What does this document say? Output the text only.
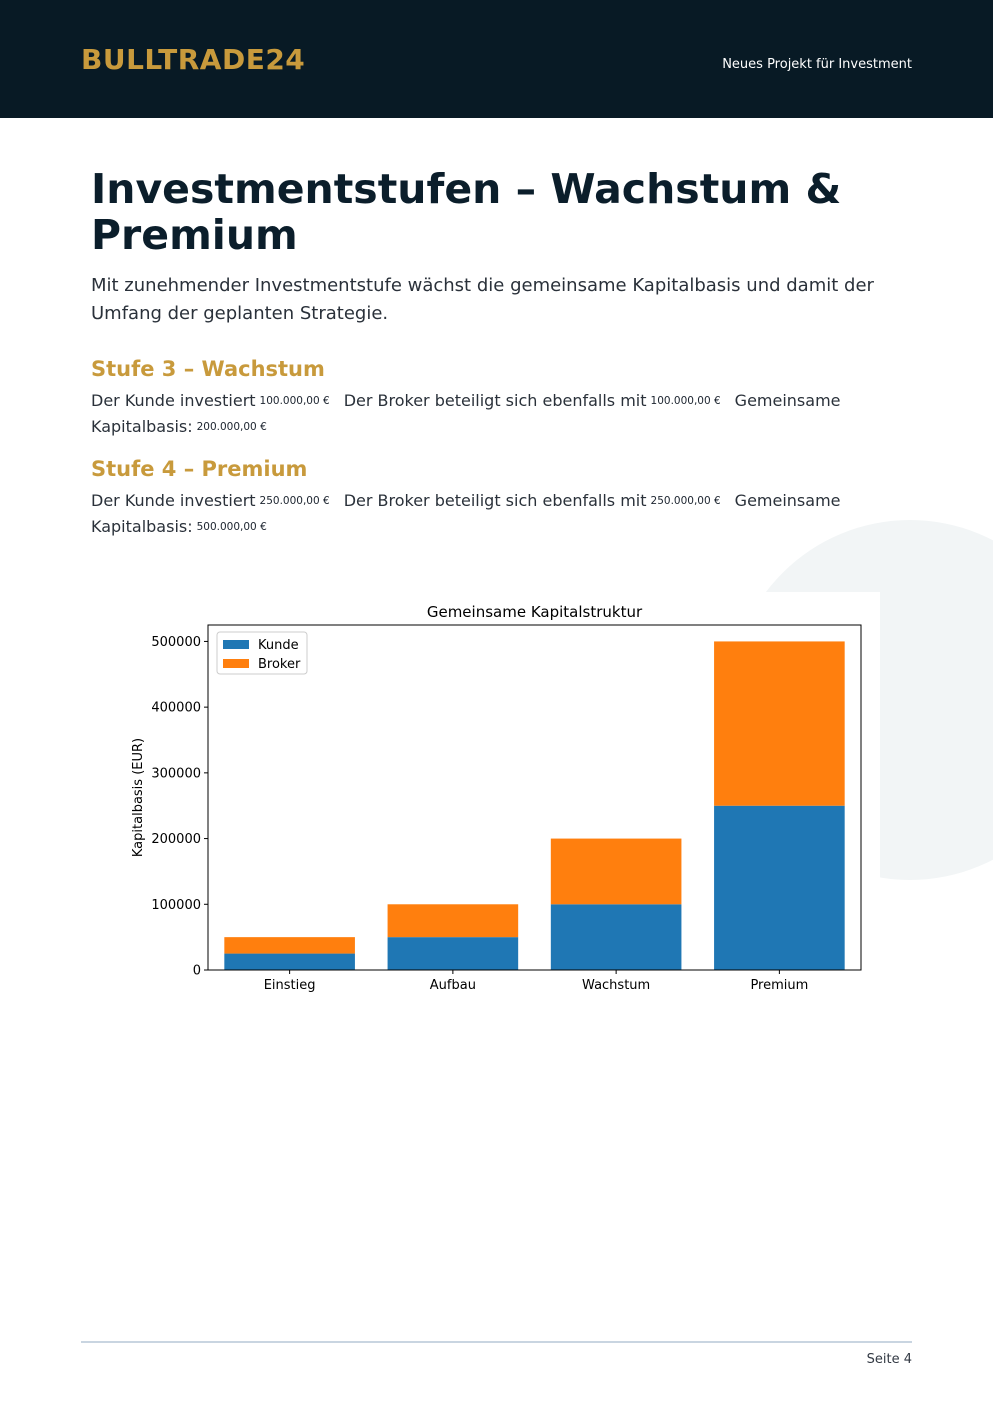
BULLTRADE24	Neues Projekt für Investment
Investmentstufen – Wachstum & Premium

Mit zunehmender Investmentstufe wächst die gemeinsame Kapitalbasis und damit der Umfang der geplanten Strategie.

Stufe 3 – Wachstum

Der Kunde investiert 100.000,00 € Der Broker beteiligt sich ebenfalls mit 100.000,00 € Gemeinsame Kapitalbasis: 200.000,00 €

Stufe 4 – Premium

Der Kunde investiert 250.000,00 € Der Broker beteiligt sich ebenfalls mit 250.000,00 € Gemeinsame Kapitalbasis: 500.000,00 €

Gemeinsame Kapitalstruktur
Einstieg	Aufbau	Wachstum	Premium
0
100000
200000
300000
400000
500000
Kapitalbasis (EUR)
Kunde
Broker
Seite 4
